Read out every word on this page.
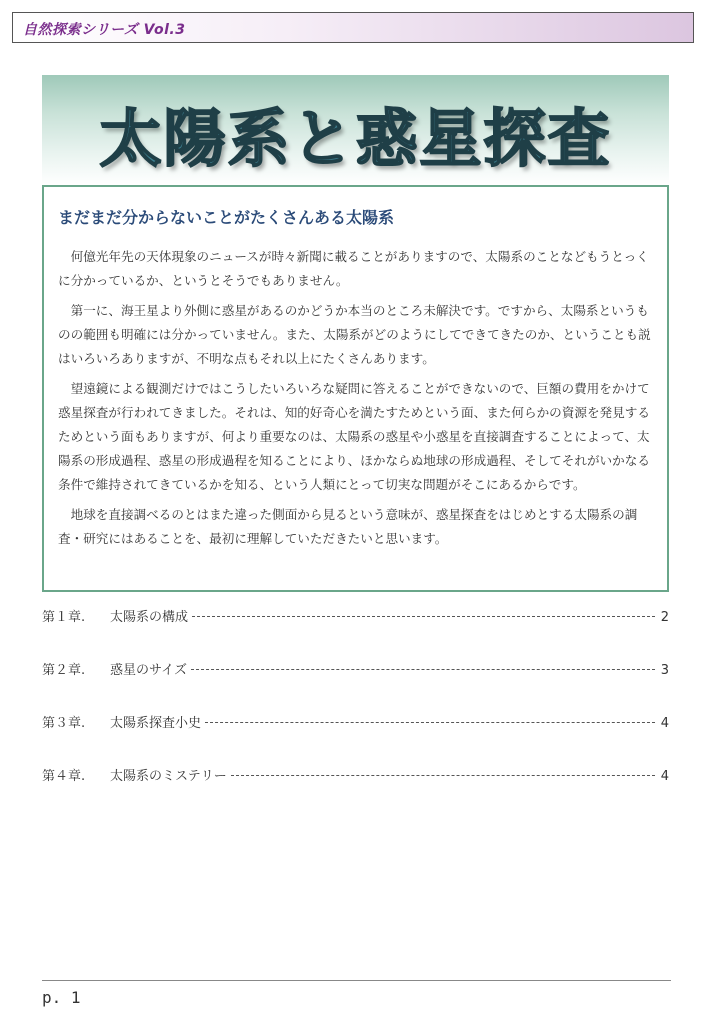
自然探索シリーズ Vol.3
太陽系と惑星探査
まだまだ分からないことがたくさんある太陽系

何億光年先の天体現象のニュースが時々新聞に載ることがありますので、太陽系のことなどもうとっくに分かっているか、というとそうでもありません。

第一に、海王星より外側に惑星があるのかどうか本当のところ未解決です。ですから、太陽系というものの範囲も明確には分かっていません。また、太陽系がどのようにしてできてきたのか、ということも説はいろいろありますが、不明な点もそれ以上にたくさんあります。

望遠鏡による観測だけではこうしたいろいろな疑問に答えることができないので、巨額の費用をかけて惑星探査が行われてきました。それは、知的好奇心を満たすためという面、また何らかの資源を発見するためという面もありますが、何より重要なのは、太陽系の惑星や小惑星を直接調査することによって、太陽系の形成過程、惑星の形成過程を知ることにより、ほかならぬ地球の形成過程、そしてそれがいかなる条件で維持されてきているかを知る、という人類にとって切実な問題がそこにあるからです。

地球を直接調べるのとはまた違った側面から見るという意味が、惑星探査をはじめとする太陽系の調査・研究にはあることを、最初に理解していただきたいと思います。

第１章.	太陽系の構成	2
第２章.	惑星のサイズ	3
第３章.	太陽系探査小史	4
第４章.	太陽系のミステリー	4
p. 1
